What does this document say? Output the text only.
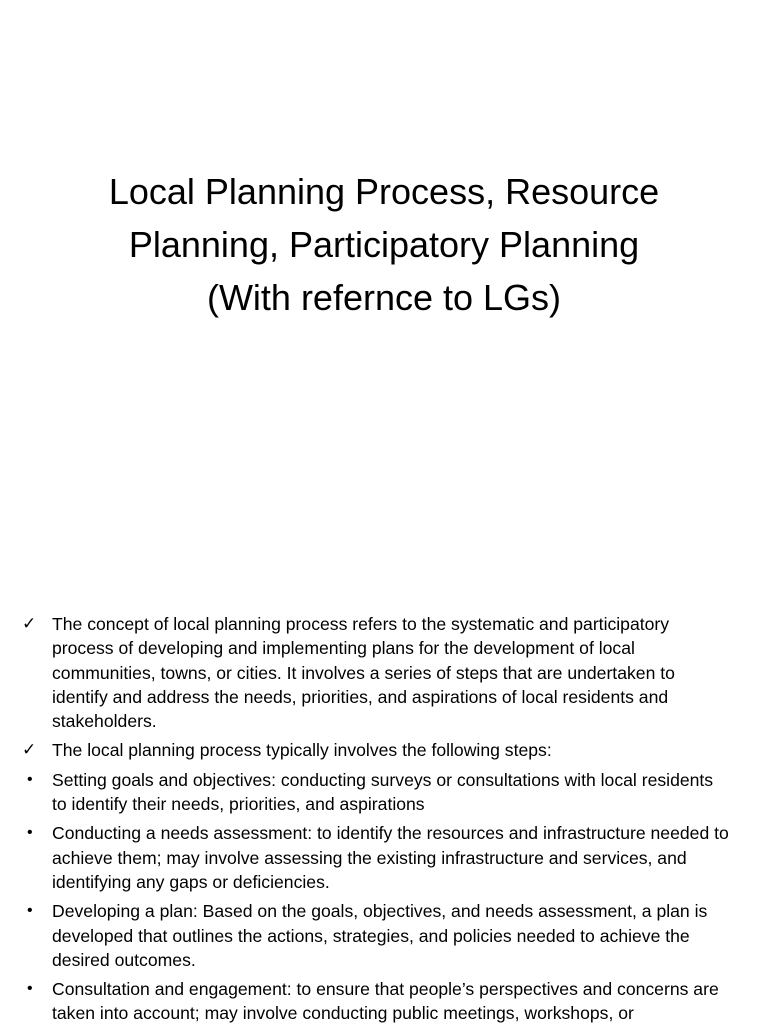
Local Planning Process, Resource
Planning, Participatory Planning
(With refernce to LGs)
✓ The concept of local planning process refers to the systematic and participatory process of developing and implementing plans for the development of local communities, towns, or cities. It involves a series of steps that are undertaken to identify and address the needs, priorities, and aspirations of local residents and stakeholders.
✓ The local planning process typically involves the following steps:
•	Setting goals and objectives: conducting surveys or consultations with local residents to identify their needs, priorities, and aspirations
•	Conducting a needs assessment: to identify the resources and infrastructure needed to achieve them; may involve assessing the existing infrastructure and services, and identifying any gaps or deficiencies.
•	Developing a plan: Based on the goals, objectives, and needs assessment, a plan is developed that outlines the actions, strategies, and policies needed to achieve the desired outcomes.
•	Consultation and engagement: to ensure that people’s perspectives and concerns are taken into account; may involve conducting public meetings, workshops, or
